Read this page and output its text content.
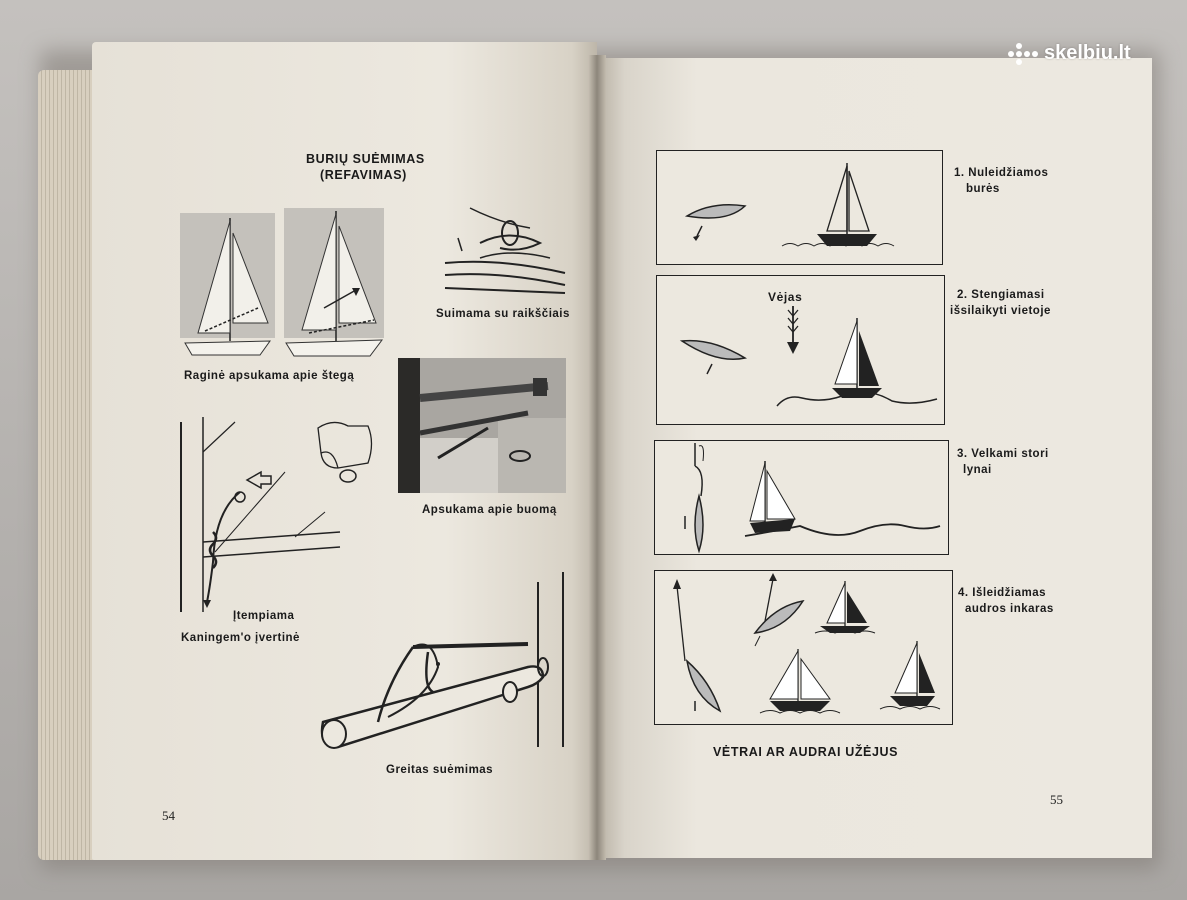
BURIŲ SUĖMIMAS
(REFAVIMAS)
Raginė apsukama apie štegą
Suimama su raikščiais
Apsukama apie buomą
Įtempiama
Kaningem'o įvertinė
Greitas suėmimas
54
1. Nuleidžiamos
burės
Vėjas	2. Stengiamasi
išsilaikyti vietoje
3. Velkami stori
lynai
4. Išleidžiamas
audros inkaras
VĖTRAI AR AUDRAI UŽĖJUS
55
skelbiu.lt
